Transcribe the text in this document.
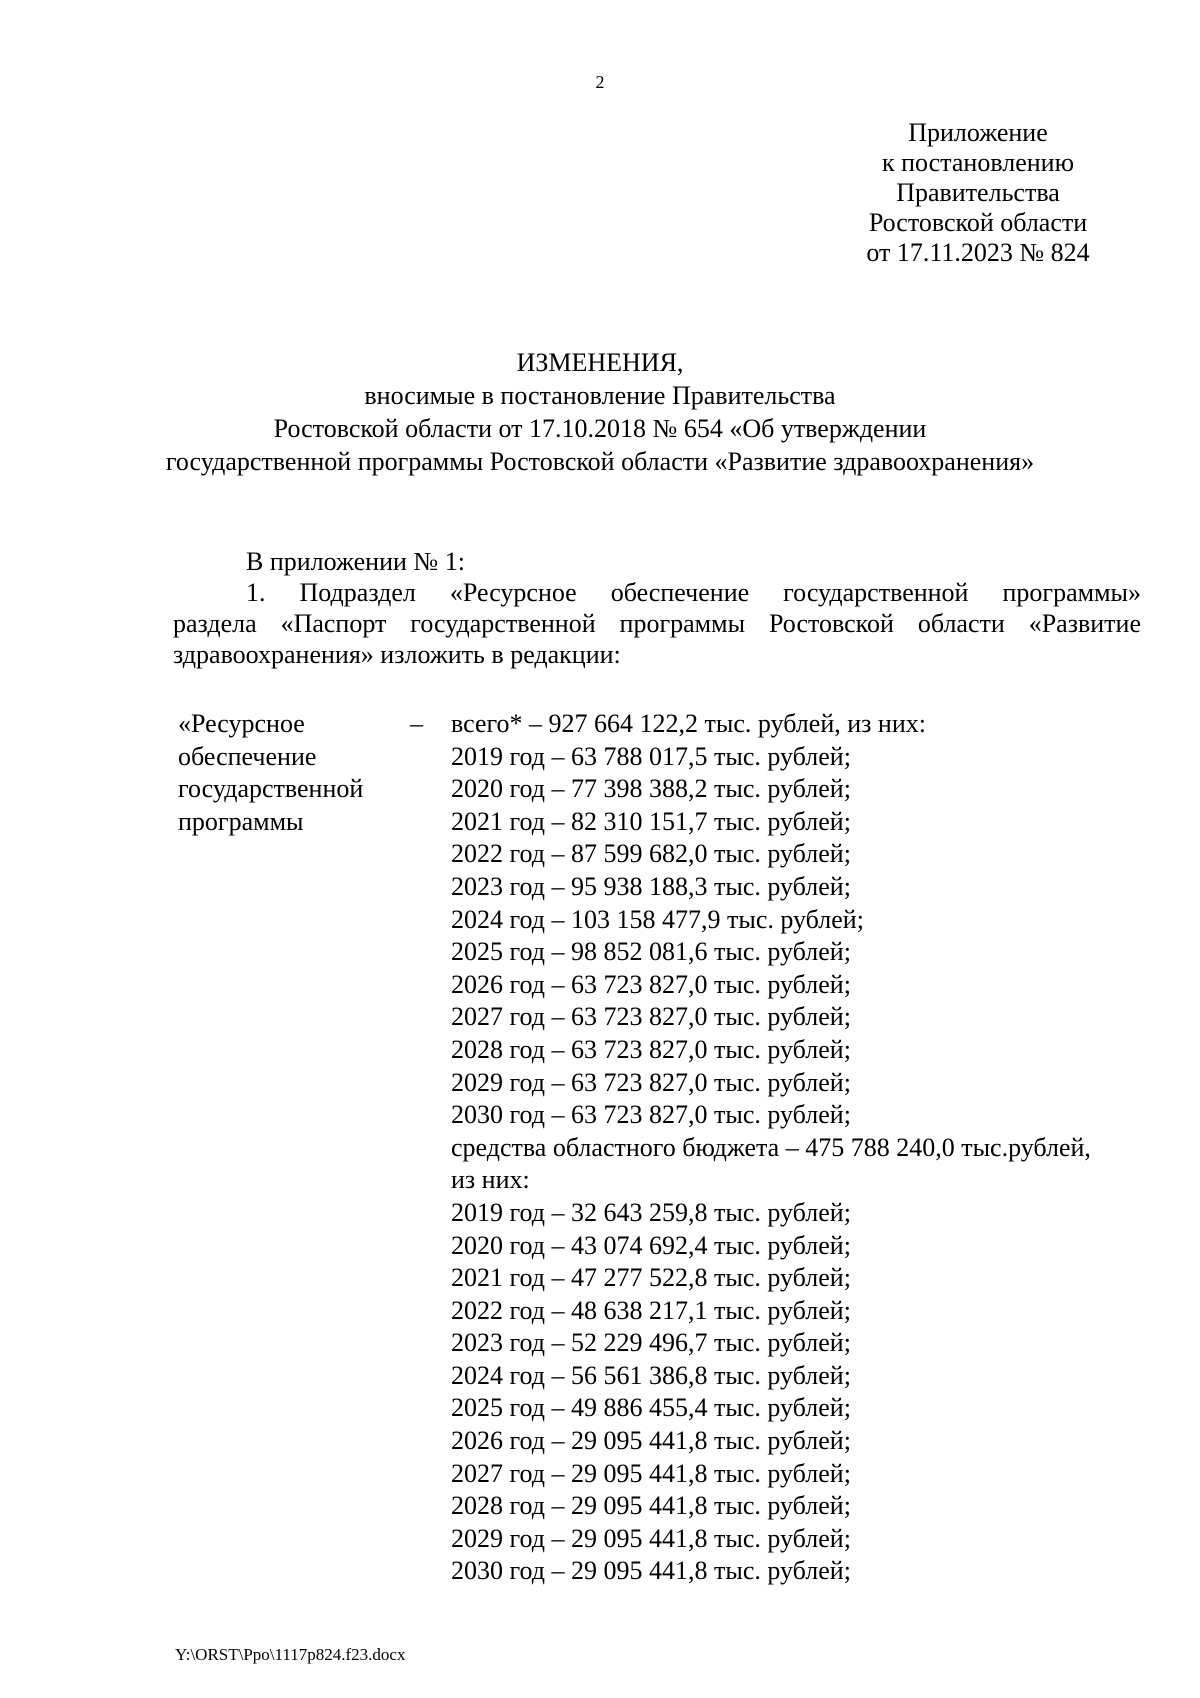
2
Приложение
к постановлению
Правительства
Ростовской области
от 17.11.2023 № 824
ИЗМЕНЕНИЯ,
вносимые в постановление Правительства
Ростовской области от 17.10.2018 № 654 «Об утверждении
государственной программы Ростовской области «Развитие здравоохранения»
В приложении № 1:
1. Подраздел «Ресурсное обеспечение государственной программы»
раздела «Паспорт государственной программы Ростовской области «Развитие
здравоохранения» изложить в редакции:
«Ресурсное
обеспечение
государственной
программы
– всего* – 927 664 122,2 тыс. рублей, из них:
2019 год – 63 788 017,5 тыс. рублей;
2020 год – 77 398 388,2 тыс. рублей;
2021 год – 82 310 151,7 тыс. рублей;
2022 год – 87 599 682,0 тыс. рублей;
2023 год – 95 938 188,3 тыс. рублей;
2024 год – 103 158 477,9 тыс. рублей;
2025 год – 98 852 081,6 тыс. рублей;
2026 год – 63 723 827,0 тыс. рублей;
2027 год – 63 723 827,0 тыс. рублей;
2028 год – 63 723 827,0 тыс. рублей;
2029 год – 63 723 827,0 тыс. рублей;
2030 год – 63 723 827,0 тыс. рублей;
средства областного бюджета – 475 788 240,0 тыс.рублей,
из них:
2019 год – 32 643 259,8 тыс. рублей;
2020 год – 43 074 692,4 тыс. рублей;
2021 год – 47 277 522,8 тыс. рублей;
2022 год – 48 638 217,1 тыс. рублей;
2023 год – 52 229 496,7 тыс. рублей;
2024 год – 56 561 386,8 тыс. рублей;
2025 год – 49 886 455,4 тыс. рублей;
2026 год – 29 095 441,8 тыс. рублей;
2027 год – 29 095 441,8 тыс. рублей;
2028 год – 29 095 441,8 тыс. рублей;
2029 год – 29 095 441,8 тыс. рублей;
2030 год – 29 095 441,8 тыс. рублей;
Y:\ORST\Ppo\1117p824.f23.docx
